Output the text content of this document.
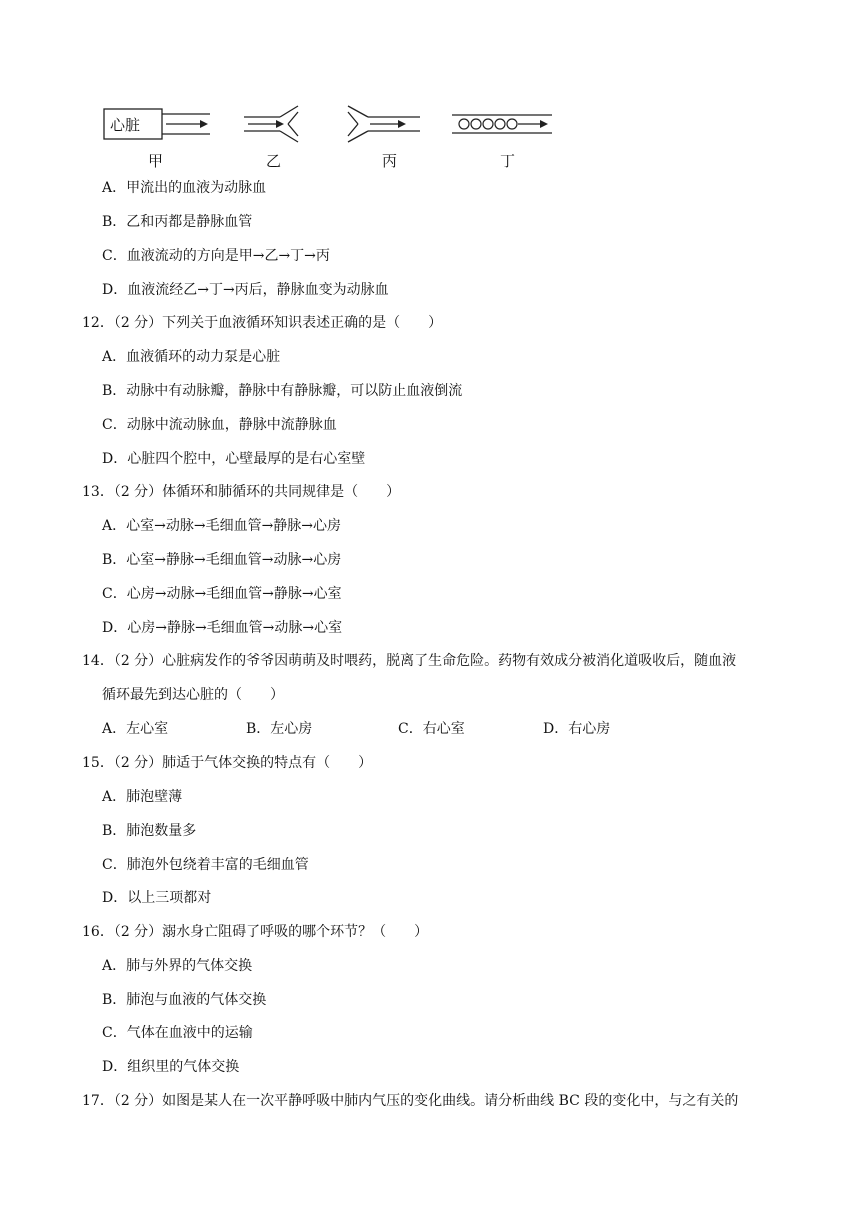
心脏
甲	乙	丙	丁
A．甲流出的血液为动脉血
B．乙和丙都是静脉血管
C．血液流动的方向是甲→乙→丁→丙
D．血液流经乙→丁→丙后，静脉血变为动脉血
12．（2 分）下列关于血液循环知识表述正确的是（　　）
A．血液循环的动力泵是心脏
B．动脉中有动脉瓣，静脉中有静脉瓣，可以防止血液倒流
C．动脉中流动脉血，静脉中流静脉血
D．心脏四个腔中，心壁最厚的是右心室壁
13．（2 分）体循环和肺循环的共同规律是（　　）
A．心室→动脉→毛细血管→静脉→心房
B．心室→静脉→毛细血管→动脉→心房
C．心房→动脉→毛细血管→静脉→心室
D．心房→静脉→毛细血管→动脉→心室
14．（2 分）心脏病发作的爷爷因萌萌及时喂药，脱离了生命危险。药物有效成分被消化道吸收后，随血液
循环最先到达心脏的（　　）
A．左心室	B．左心房	C．右心室	D．右心房
15．（2 分）肺适于气体交换的特点有（　　）
A．肺泡壁薄
B．肺泡数量多
C．肺泡外包绕着丰富的毛细血管
D．以上三项都对
16．（2 分）溺水身亡阻碍了呼吸的哪个环节？（　　）
A．肺与外界的气体交换
B．肺泡与血液的气体交换
C．气体在血液中的运输
D．组织里的气体交换
17．（2 分）如图是某人在一次平静呼吸中肺内气压的变化曲线。请分析曲线 BC 段的变化中，与之有关的
